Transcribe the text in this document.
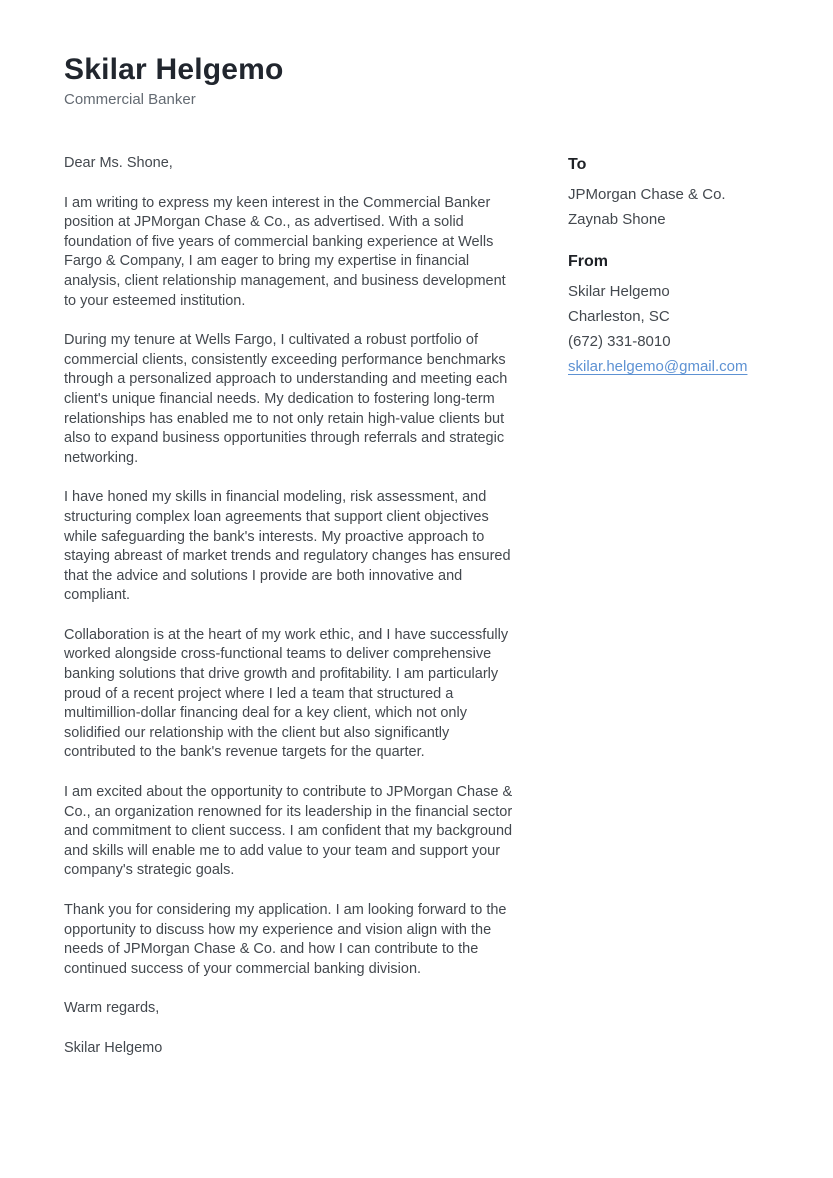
Skilar Helgemo
Commercial Banker

Dear Ms. Shone,

I am writing to express my keen interest in the Commercial Banker position at JPMorgan Chase & Co., as advertised. With a solid foundation of five years of commercial banking experience at Wells Fargo & Company, I am eager to bring my expertise in financial analysis, client relationship management, and business development to your esteemed institution.

During my tenure at Wells Fargo, I cultivated a robust portfolio of commercial clients, consistently exceeding performance benchmarks through a personalized approach to understanding and meeting each client's unique financial needs. My dedication to fostering long-term relationships has enabled me to not only retain high-value clients but also to expand business opportunities through referrals and strategic networking.

I have honed my skills in financial modeling, risk assessment, and structuring complex loan agreements that support client objectives while safeguarding the bank's interests. My proactive approach to staying abreast of market trends and regulatory changes has ensured that the advice and solutions I provide are both innovative and compliant.

Collaboration is at the heart of my work ethic, and I have successfully worked alongside cross-functional teams to deliver comprehensive banking solutions that drive growth and profitability. I am particularly proud of a recent project where I led a team that structured a multimillion-dollar financing deal for a key client, which not only solidified our relationship with the client but also significantly contributed to the bank's revenue targets for the quarter.

I am excited about the opportunity to contribute to JPMorgan Chase & Co., an organization renowned for its leadership in the financial sector and commitment to client success. I am confident that my background and skills will enable me to add value to your team and support your company's strategic goals.

Thank you for considering my application. I am looking forward to the opportunity to discuss how my experience and vision align with the needs of JPMorgan Chase & Co. and how I can contribute to the continued success of your commercial banking division.

Warm regards,

Skilar Helgemo

To
JPMorgan Chase & Co.
Zaynab Shone
From
Skilar Helgemo
Charleston, SC
(672) 331-8010
skilar.helgemo@gmail.com
